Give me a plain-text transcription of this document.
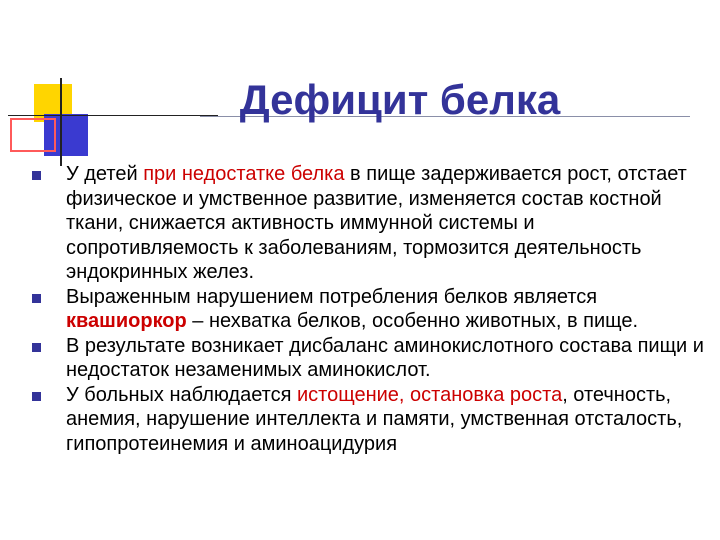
Дефицит белка
У детей при недостатке белка в пище задерживается рост, отстает физическое и умственное развитие, изменяется состав костной ткани, снижается активность иммунной системы и сопротивляемость к заболеваниям, тормозится деятельность эндокринных желез.
Выраженным нарушением потребления белков является квашиоркор – нехватка белков, особенно животных, в пище.
В результате возникает дисбаланс аминокислотного состава пищи и недостаток незаменимых аминокислот.
У больных наблюдается истощение, остановка роста, отечность, анемия, нарушение интеллекта и памяти, умственная отсталость, гипопротеинемия и аминоацидурия
